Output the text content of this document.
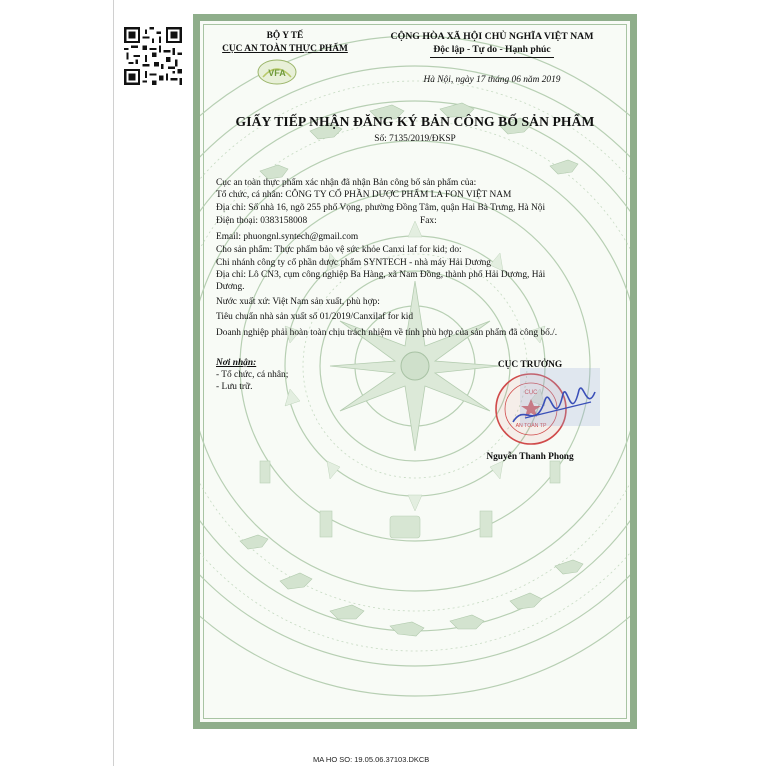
VFA
BỘ Y TẾ
CỤC AN TOÀN THỰC PHẨM
CỘNG HÒA XÃ HỘI CHỦ NGHĨA VIỆT NAM
Độc lập - Tự do - Hạnh phúc
Hà Nội, ngày 17 tháng 06 năm 2019
GIẤY TIẾP NHẬN ĐĂNG KÝ BẢN CÔNG BỐ SẢN PHẨM
Số: 7135/2019/ĐKSP
Cục an toàn thực phẩm xác nhận đã nhận Bản công bố sản phẩm của:
Tổ chức, cá nhân: CÔNG TY CỔ PHẦN DƯỢC PHẨM LA FON VIỆT NAM
Địa chỉ: Số nhà 16, ngõ 255 phố Vọng, phường Đồng Tâm, quận Hai Bà Trưng, Hà Nội
Điện thoại: 0383158008	Fax:
Email: phuongnl.syntech@gmail.com
Cho sản phẩm: Thực phẩm bảo vệ sức khỏe Canxi laf for kid; do:
Chi nhánh công ty cổ phần dược phẩm SYNTECH - nhà máy Hải Dương
Địa chỉ: Lô CN3, cụm công nghiệp Ba Hàng, xã Nam Đồng, thành phố Hải Dương, Hải
Dương.
Nước xuất xứ: Việt Nam sản xuất, phù hợp:
Tiêu chuẩn nhà sản xuất số 01/2019/Canxilaf for kid
Doanh nghiệp phải hoàn toàn chịu trách nhiệm về tính phù hợp của sản phẩm đã công bố./.
Nơi nhận:
- Tổ chức, cá nhân;
- Lưu trữ.
CỤC TRƯỞNG
CỤC
AN TOÀN TP
Nguyễn Thanh Phong
MA HO SO: 19.05.06.37103.DKCB
